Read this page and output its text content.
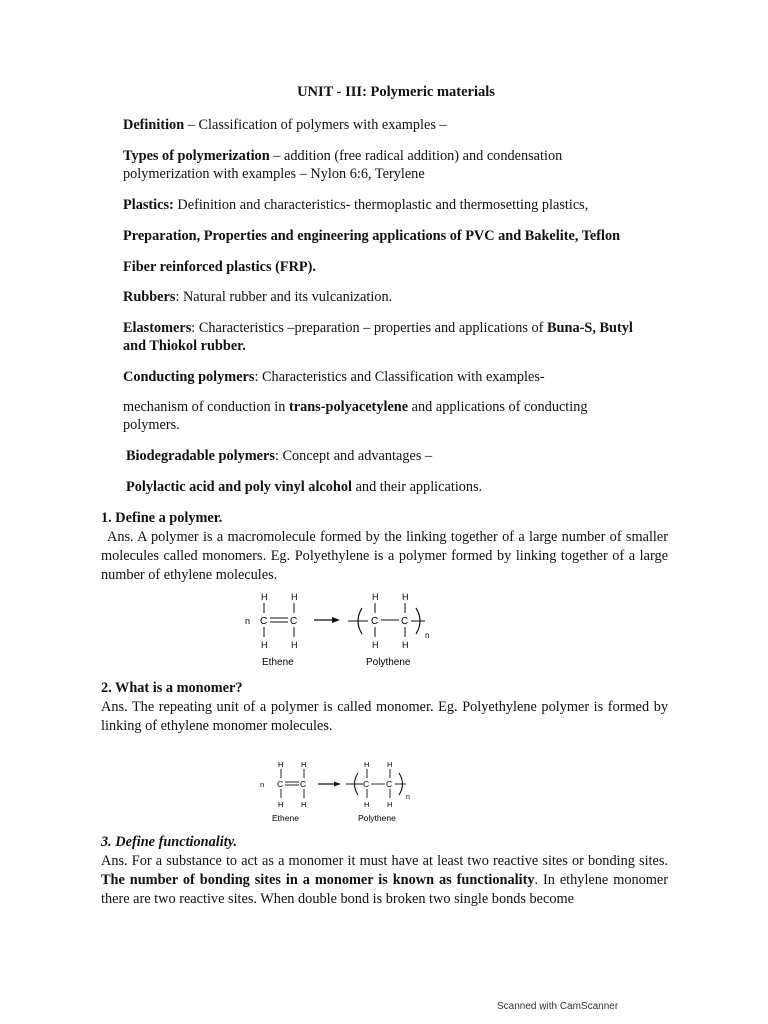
UNIT - III: Polymeric materials
Definition – Classification of polymers with examples –
Types of polymerization – addition (free radical addition) and condensation
polymerization with examples – Nylon 6:6, Terylene
Plastics: Definition and characteristics- thermoplastic and thermosetting plastics,
Preparation, Properties and engineering applications of PVC and Bakelite, Teflon
Fiber reinforced plastics (FRP).
Rubbers: Natural rubber and its vulcanization.
Elastomers: Characteristics –preparation – properties and applications of Buna-S, Butyl
and Thiokol rubber.
Conducting polymers: Characteristics and Classification with examples-
mechanism of conduction in trans-polyacetylene and applications of conducting
polymers.
Biodegradable polymers: Concept and advantages –
Polylactic acid and poly vinyl alcohol and their applications.
1. Define a polymer.
Ans. A polymer is a macromolecule formed by the linking together of a large number of smaller molecules called monomers. Eg. Polyethylene is a polymer formed by linking together of a large number of ethylene molecules.
H	H
n C C
H	H
H	H
C C
H	H
n
Ethene	Polythene
2. What is a monomer?
Ans. The repeating unit of a polymer is called monomer. Eg. Polyethylene polymer is formed by linking of ethylene monomer molecules.
H H
n C C
H H
H H
C C
H H
n
Ethene	Polythene
3. Define functionality.
Ans. For a substance to act as a monomer it must have at least two reactive sites or bonding sites. The number of bonding sites in a monomer is known as functionality. In ethylene monomer there are two reactive sites. When double bond is broken two single bonds become
Scanned with CamScanner
